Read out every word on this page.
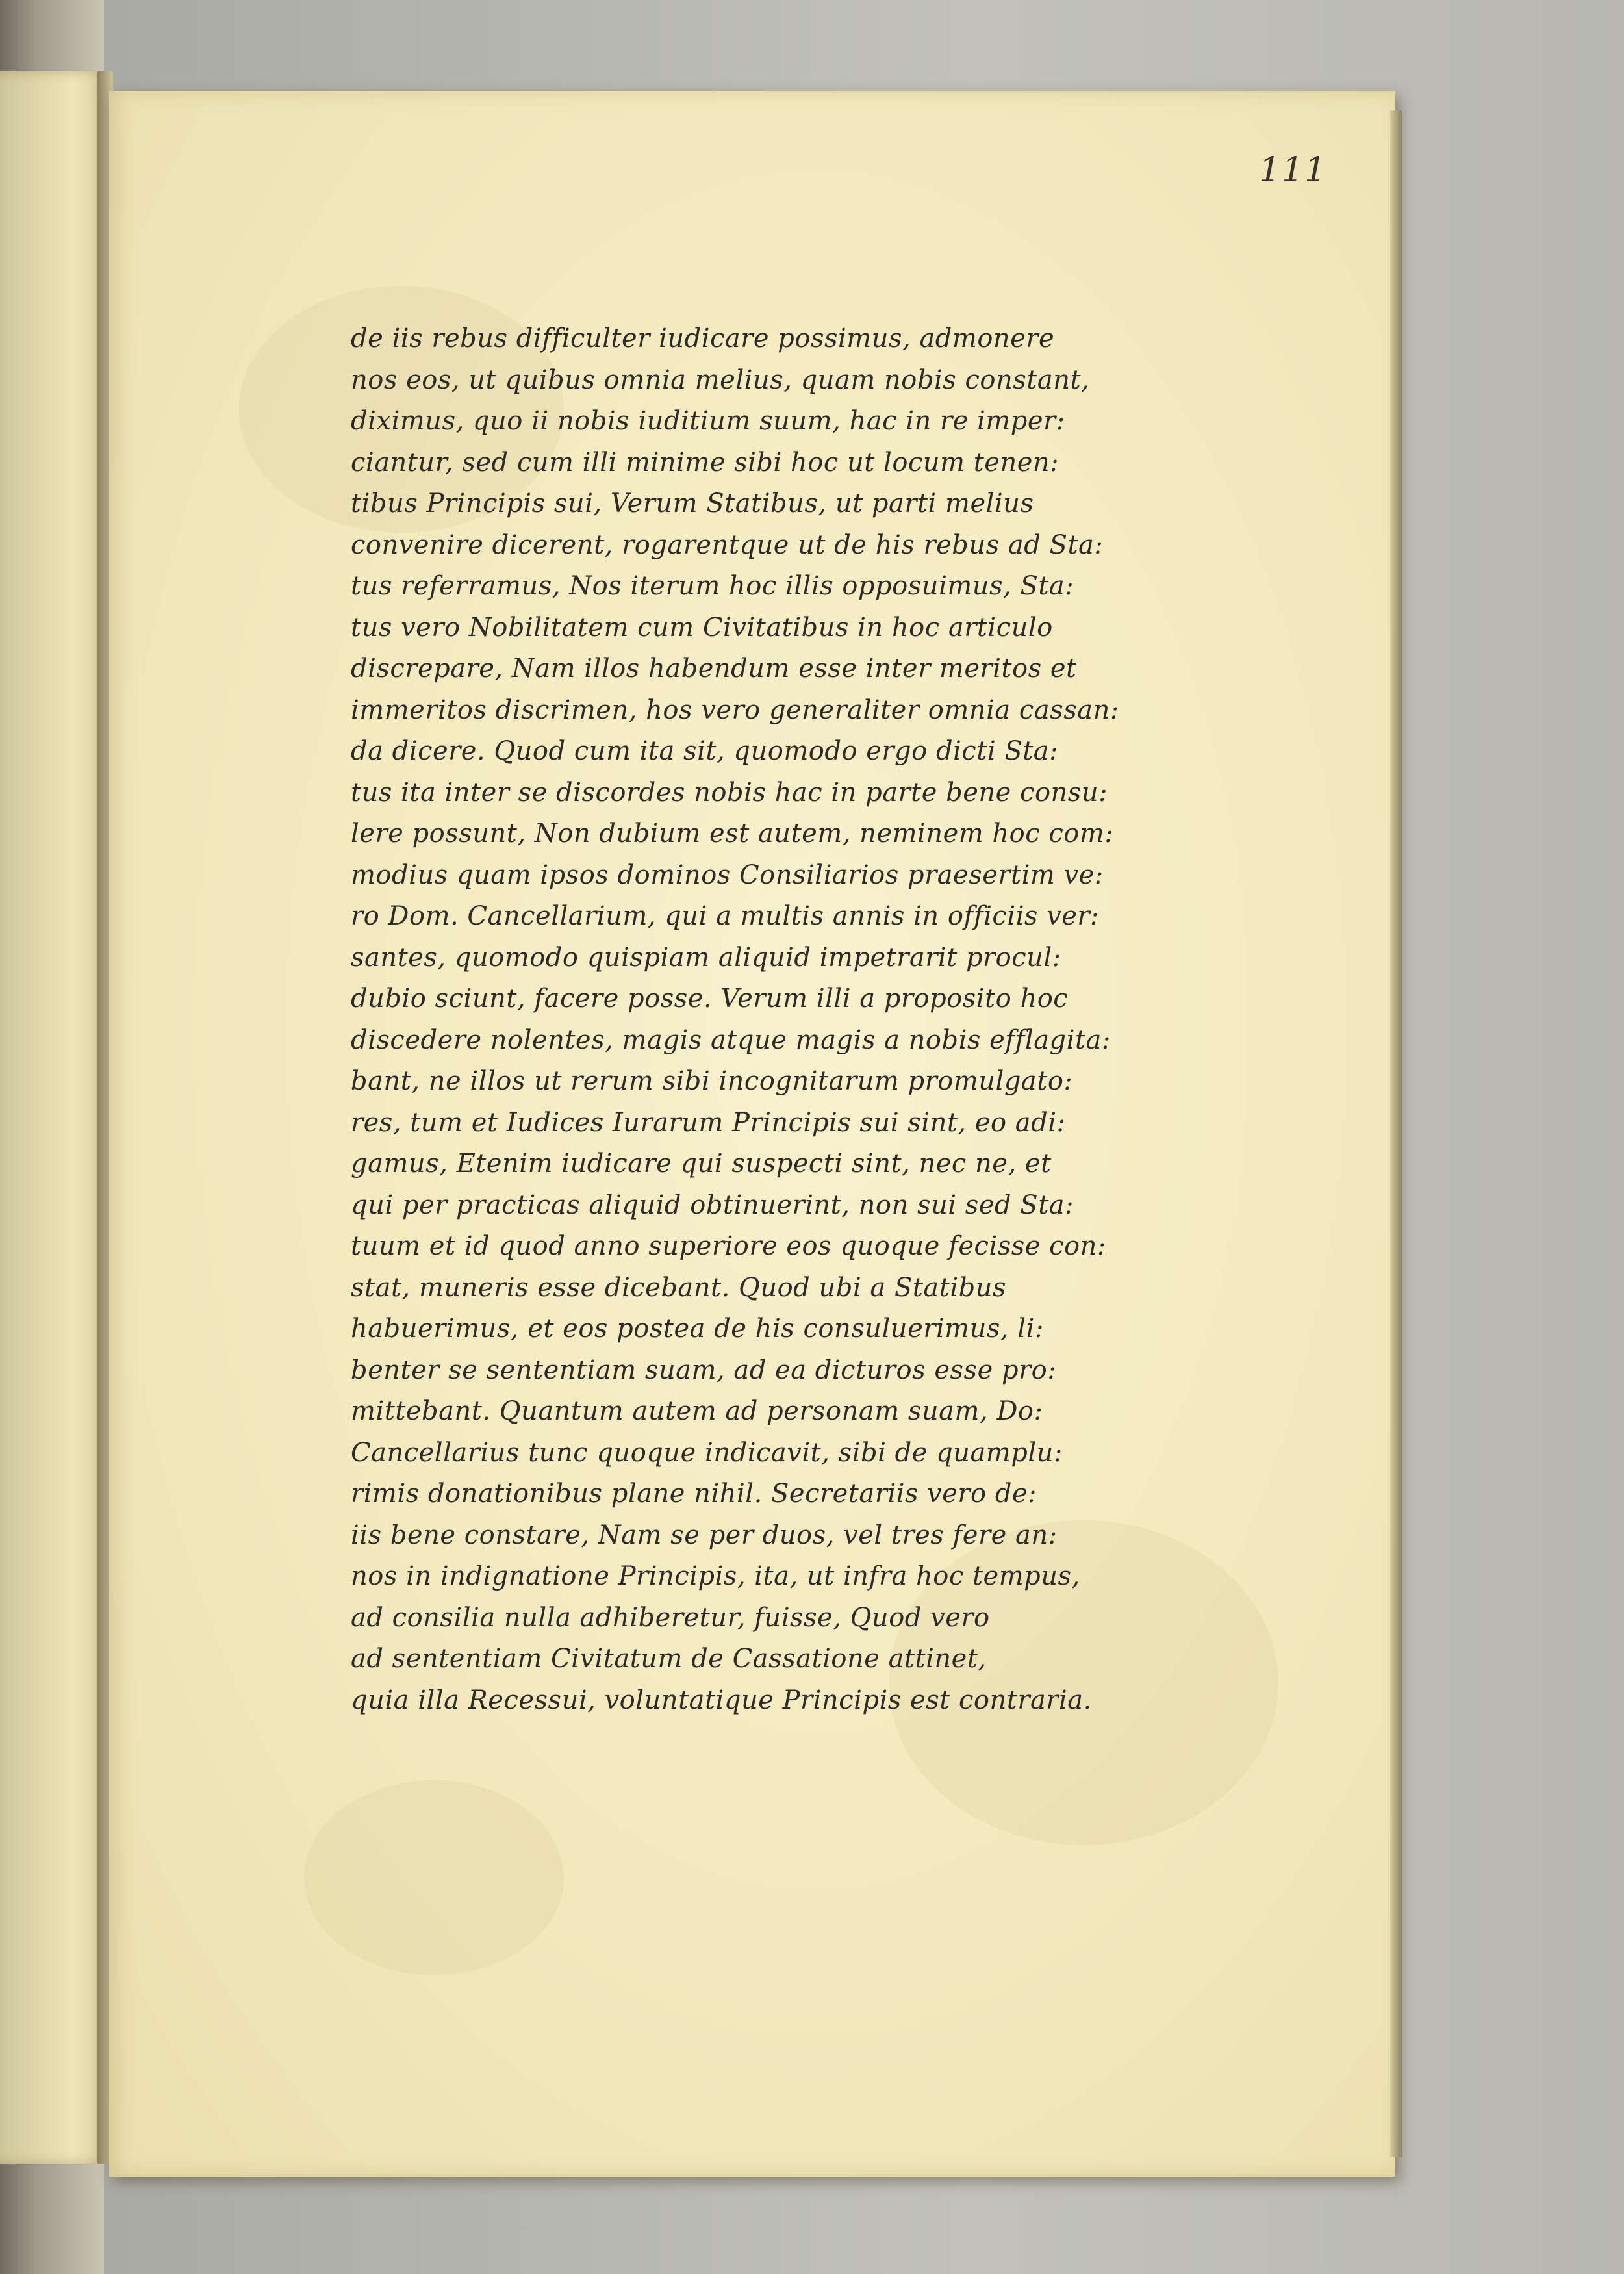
111
de iis rebus difficulter iudicare possimus, admonere
nos eos, ut quibus omnia melius, quam nobis constant,
diximus, quo ii nobis iuditium suum, hac in re imper:
ciantur, sed cum illi minime sibi hoc ut locum tenen:
tibus Principis sui, Verum Statibus, ut parti melius
convenire dicerent, rogarentque ut de his rebus ad Sta:
tus referramus, Nos iterum hoc illis opposuimus, Sta:
tus vero Nobilitatem cum Civitatibus in hoc articulo
discrepare, Nam illos habendum esse inter meritos et
immeritos discrimen, hos vero generaliter omnia cassan:
da dicere. Quod cum ita sit, quomodo ergo dicti Sta:
tus ita inter se discordes nobis hac in parte bene consu:
lere possunt, Non dubium est autem, neminem hoc com:
modius quam ipsos dominos Consiliarios praesertim ve:
ro Dom. Cancellarium, qui a multis annis in officiis ver:
santes, quomodo quispiam aliquid impetrarit procul:
dubio sciunt, facere posse. Verum illi a proposito hoc
discedere nolentes, magis atque magis a nobis efflagita:
bant, ne illos ut rerum sibi incognitarum promulgato:
res, tum et Iudices Iurarum Principis sui sint, eo adi:
gamus, Etenim iudicare qui suspecti sint, nec ne, et
qui per practicas aliquid obtinuerint, non sui sed Sta:
tuum et id quod anno superiore eos quoque fecisse con:
stat, muneris esse dicebant. Quod ubi a Statibus
habuerimus, et eos postea de his consuluerimus, li:
benter se sententiam suam, ad ea dicturos esse pro:
mittebant. Quantum autem ad personam suam, Do:
Cancellarius tunc quoque indicavit, sibi de quamplu:
rimis donationibus plane nihil. Secretariis vero de:
iis bene constare, Nam se per duos, vel tres fere an:
nos in indignatione Principis, ita, ut infra hoc tempus,
ad consilia nulla adhiberetur, fuisse, Quod vero
ad sententiam Civitatum de Cassatione attinet,
quia illa Recessui, voluntatique Principis est contraria.
